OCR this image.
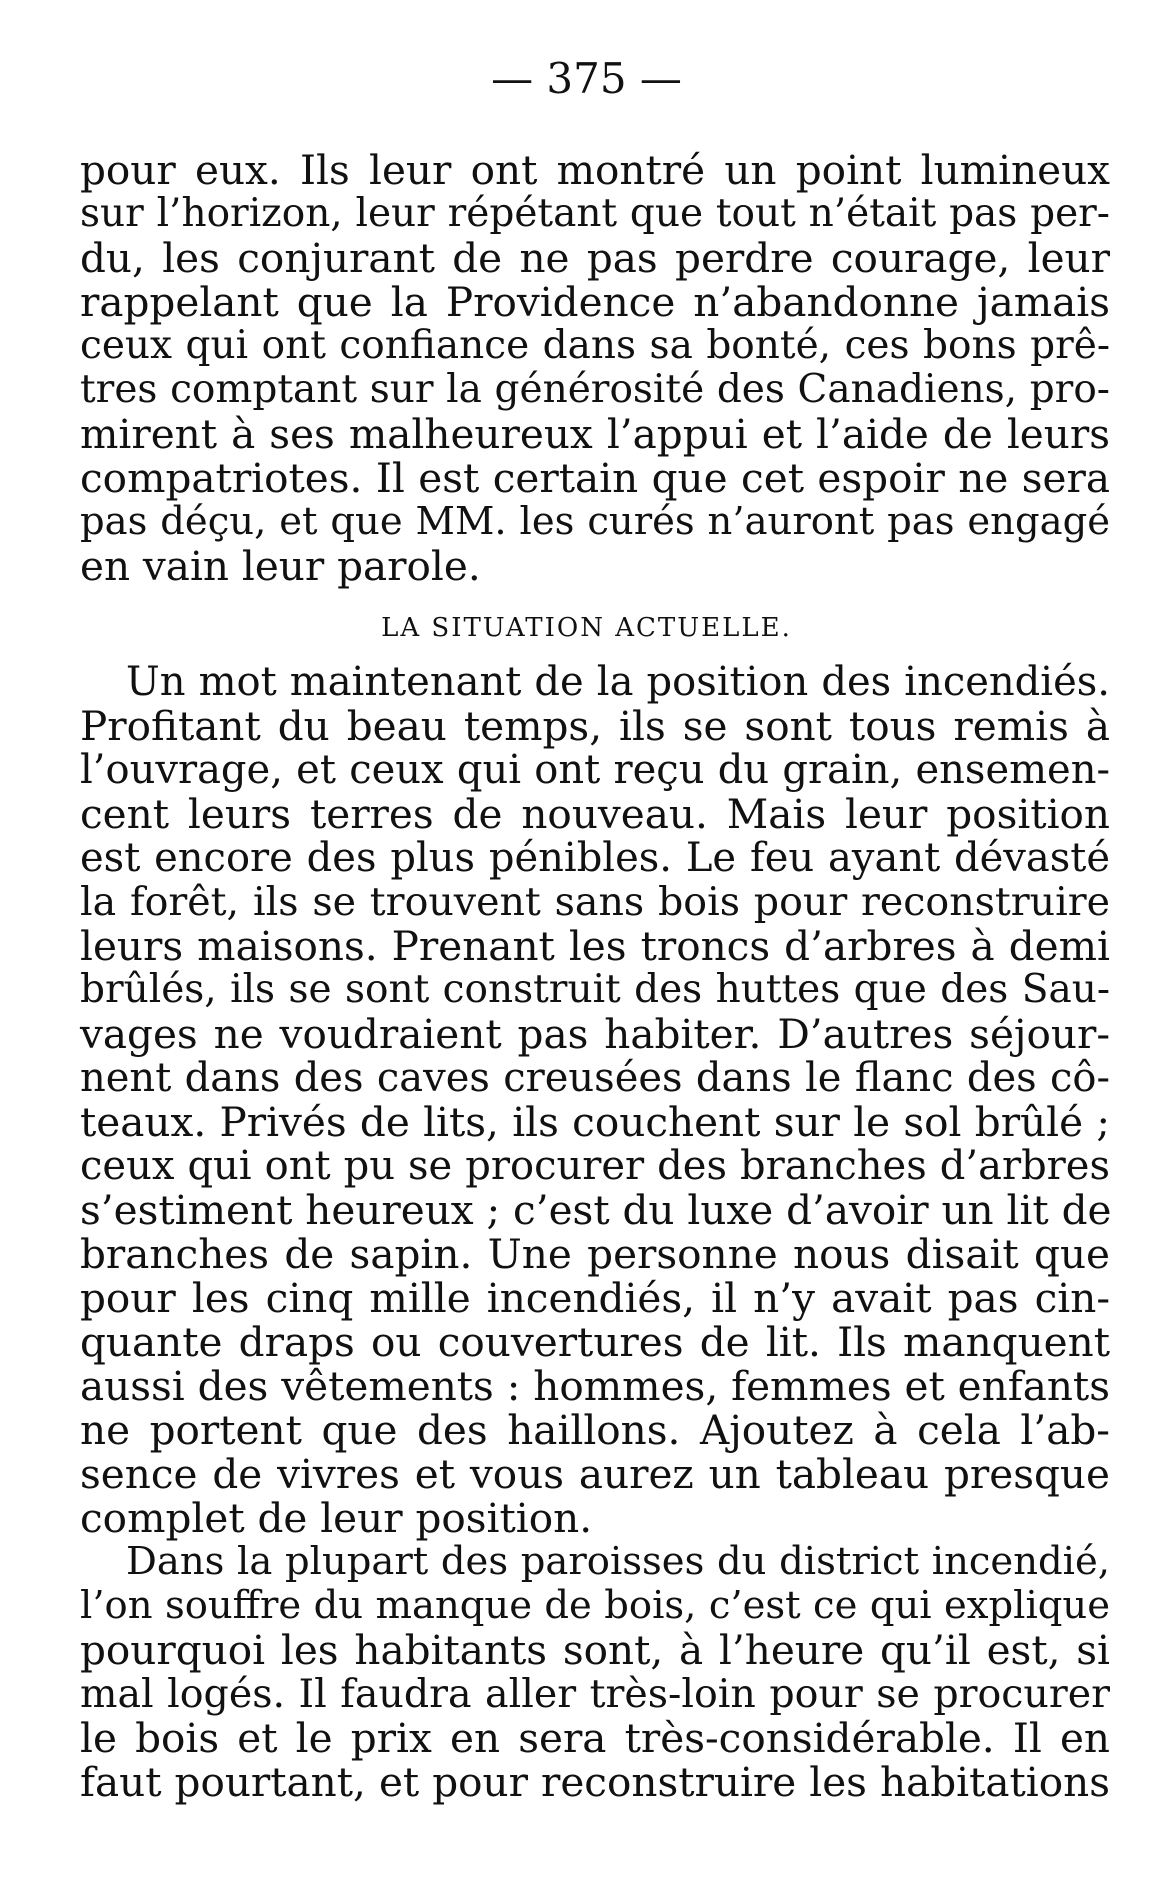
— 375 —
pour eux. Ils leur ont montré un point lumineux
sur l’horizon, leur répétant que tout n’était pas per-
du, les conjurant de ne pas perdre courage, leur
rappelant que la Providence n’abandonne jamais
ceux qui ont confiance dans sa bonté, ces bons prê-
tres comptant sur la générosité des Canadiens, pro-
mirent à ses malheureux l’appui et l’aide de leurs
compatriotes. Il est certain que cet espoir ne sera
pas déçu, et que MM. les curés n’auront pas engagé
en vain leur parole.
LA SITUATION ACTUELLE.
Un mot maintenant de la position des incendiés.
Profitant du beau temps, ils se sont tous remis à
l’ouvrage, et ceux qui ont reçu du grain, ensemen-
cent leurs terres de nouveau. Mais leur position
est encore des plus pénibles. Le feu ayant dévasté
la forêt, ils se trouvent sans bois pour reconstruire
leurs maisons. Prenant les troncs d’arbres à demi
brûlés, ils se sont construit des huttes que des Sau-
vages ne voudraient pas habiter. D’autres séjour-
nent dans des caves creusées dans le flanc des cô-
teaux. Privés de lits, ils couchent sur le sol brûlé ;
ceux qui ont pu se procurer des branches d’arbres
s’estiment heureux ; c’est du luxe d’avoir un lit de
branches de sapin. Une personne nous disait que
pour les cinq mille incendiés, il n’y avait pas cin-
quante draps ou couvertures de lit. Ils manquent
aussi des vêtements : hommes, femmes et enfants
ne portent que des haillons. Ajoutez à cela l’ab-
sence de vivres et vous aurez un tableau presque
complet de leur position.
Dans la plupart des paroisses du district incendié,
l’on souffre du manque de bois, c’est ce qui explique
pourquoi les habitants sont, à l’heure qu’il est, si
mal logés. Il faudra aller très-loin pour se procurer
le bois et le prix en sera très-considérable. Il en
faut pourtant, et pour reconstruire les habitations
